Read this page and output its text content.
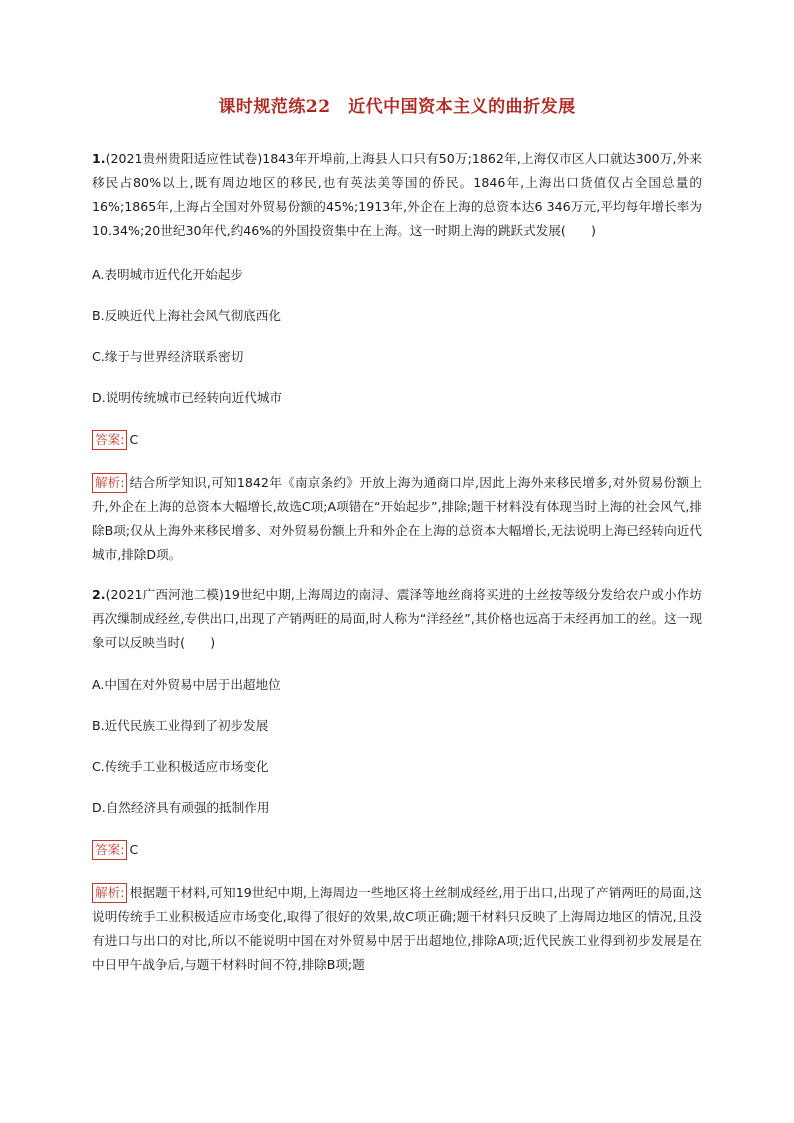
课时规范练22　近代中国资本主义的曲折发展

1.(2021贵州贵阳适应性试卷)1843年开埠前,上海县人口只有50万;1862年,上海仅市区人口就达300万,外来移民占80%以上,既有周边地区的移民,也有英法美等国的侨民。1846年,上海出口货值仅占全国总量的16%;1865年,上海占全国对外贸易份额的45%;1913年,外企在上海的总资本达6 346万元,平均每年增长率为10.34%;20世纪30年代,约46%的外国投资集中在上海。这一时期上海的跳跃式发展(　　)

A.表明城市近代化开始起步

B.反映近代上海社会风气彻底西化

C.缘于与世界经济联系密切

D.说明传统城市已经转向近代城市

答案: C

解析: 结合所学知识,可知1842年《南京条约》开放上海为通商口岸,因此上海外来移民增多,对外贸易份额上升,外企在上海的总资本大幅增长,故选C项;A项错在“开始起步”,排除;题干材料没有体现当时上海的社会风气,排除B项;仅从上海外来移民增多、对外贸易份额上升和外企在上海的总资本大幅增长,无法说明上海已经转向近代城市,排除D项。

2.(2021广西河池二模)19世纪中期,上海周边的南浔、震泽等地丝商将买进的土丝按等级分发给农户或小作坊再次缫制成经丝,专供出口,出现了产销两旺的局面,时人称为“洋经丝”,其价格也远高于未经再加工的丝。这一现象可以反映当时(　　)

A.中国在对外贸易中居于出超地位

B.近代民族工业得到了初步发展

C.传统手工业积极适应市场变化

D.自然经济具有顽强的抵制作用

答案: C

解析: 根据题干材料,可知19世纪中期,上海周边一些地区将土丝制成经丝,用于出口,出现了产销两旺的局面,这说明传统手工业积极适应市场变化,取得了很好的效果,故C项正确;题干材料只反映了上海周边地区的情况,且没有进口与出口的对比,所以不能说明中国在对外贸易中居于出超地位,排除A项;近代民族工业得到初步发展是在中日甲午战争后,与题干材料时间不符,排除B项;题
